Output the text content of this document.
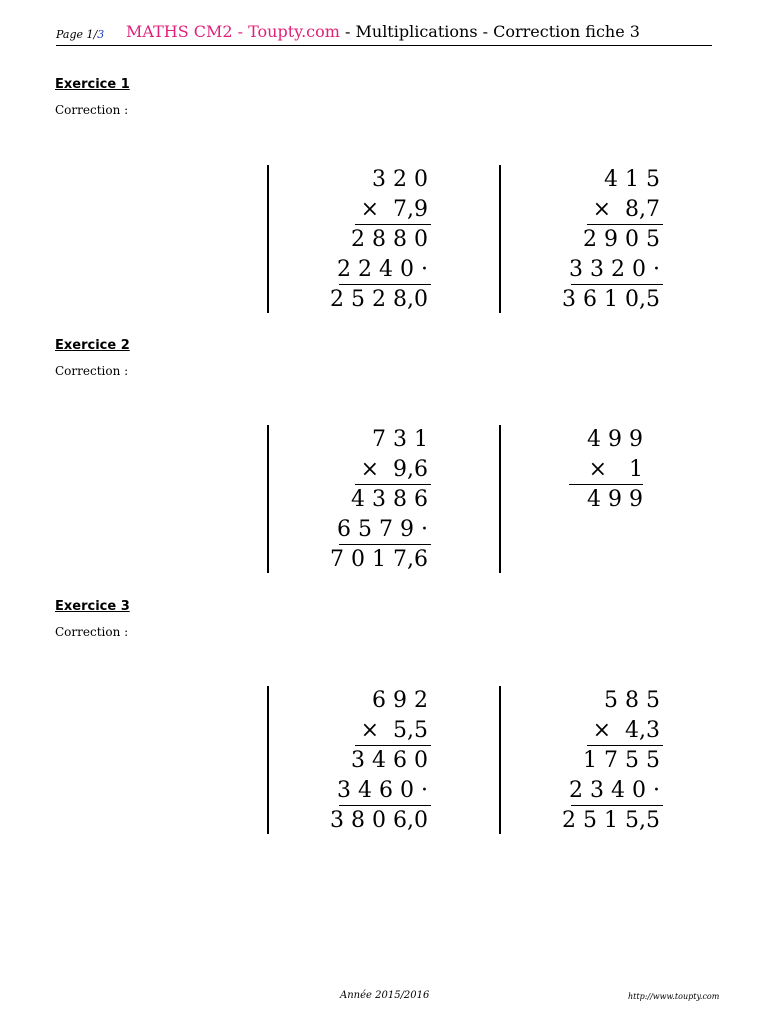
Page 1/3 MATHS CM2 - Toupty.com - Multiplications - Correction fiche 3
Exercice 1
Correction :
3 2 0
× 7,9
2 8 8 0
2 2 4 0 ·
2 5 2 8,0
4 1 5
× 8,7
2 9 0 5
3 3 2 0 ·
3 6 1 0,5
Exercice 2
Correction :
7 3 1
× 9,6
4 3 8 6
6 5 7 9 ·
7 0 1 7,6
4 9 9
× 1
4 9 9
Exercice 3
Correction :
6 9 2
× 5,5
3 4 6 0
3 4 6 0 ·
3 8 0 6,0
5 8 5
× 4,3
1 7 5 5
2 3 4 0 ·
2 5 1 5,5
Année 2015/2016	http://www.toupty.com
